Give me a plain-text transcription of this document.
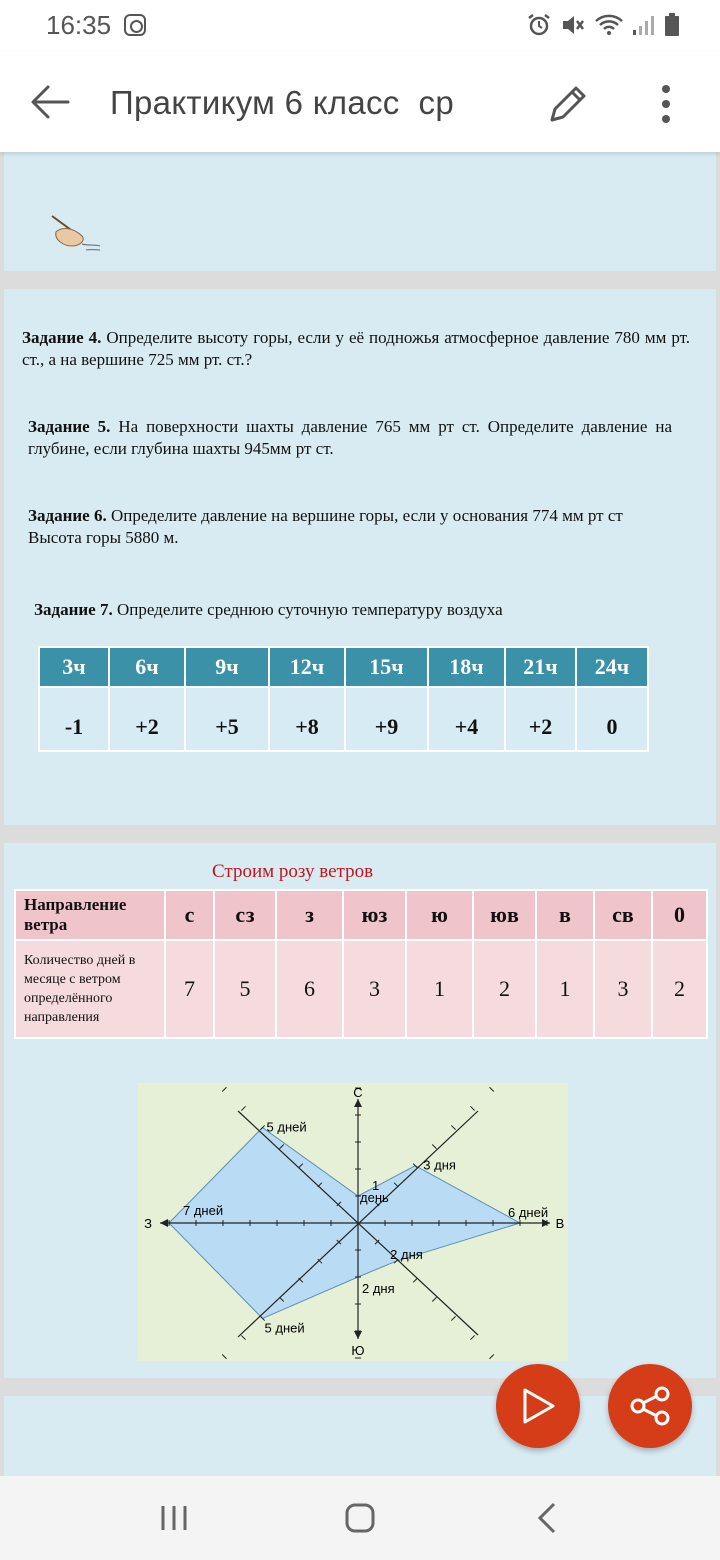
16:35
Практикум 6 класс  ср

Задание 4. Определите высоту горы, если у её подножья атмосферное давление 780 мм рт. ст., а на вершине 725 мм рт. ст.?

Задание 5. На поверхности шахты давление 765 мм рт ст. Определите давление на глубине, если глубина шахты 945мм рт ст.

Задание 6. Определите давление на вершине горы, если у основания 774 мм рт ст Высота горы 5880 м.

Задание 7. Определите среднюю суточную температуру воздуха

3ч	6ч	9ч	12ч	15ч	18ч	21ч	24ч
-1	+2	+5	+8	+9	+4	+2	0
Строим розу ветров
Направление ветра	с	сз	з	юз	ю	юв	в	св	0
Количество дней в месяце с ветром определённого направления	7	5	6	3	1	2	1	3	2
С
Ю
З	В
7 дней
5 дней
1
день
3 дня
6 дней
2 дня
2 дня
5 дней
